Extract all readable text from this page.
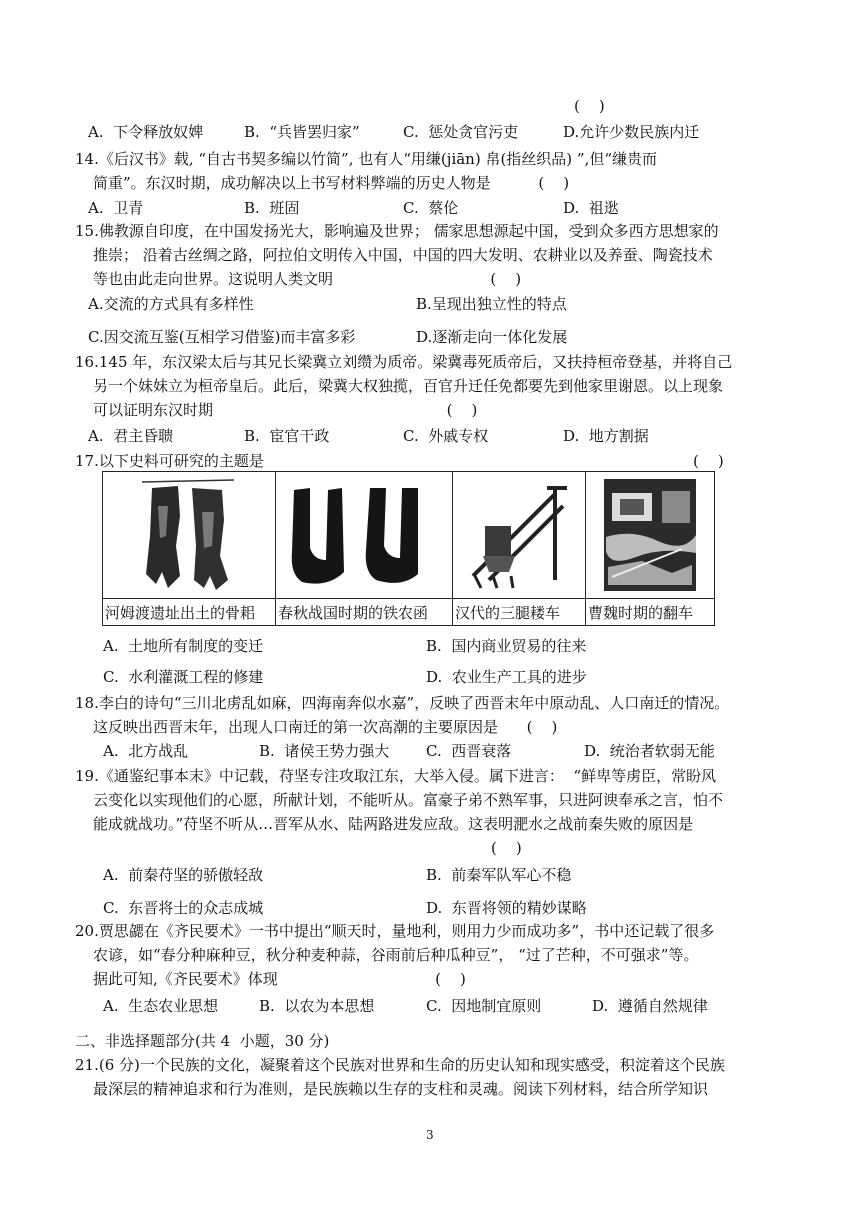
(    )
A.  下令释放奴婢	B.  “兵皆罢归家”	C.  惩处贪官污吏	D.允许少数民族内迁
14.《后汉书》载, “自古书契多编以竹简”, 也有人“用缣(jiān) 帛(指丝织品) ”,但“缣贵而
简重”。东汉时期，成功解决以上书写材料弊端的历史人物是          (    )
A.  卫青	B.  班固	C.  蔡伦	D.  祖逖
15.佛教源自印度，在中国发扬光大，影响遍及世界； 儒家思想源起中国，受到众多西方思想家的
推崇； 沿着古丝绸之路，阿拉伯文明传入中国，中国的四大发明、农耕业以及养蚕、陶瓷技术
等也由此走向世界。这说明人类文明                                 (    )
A.交流的方式具有多样性	B.呈现出独立性的特点
C.因交流互鉴(互相学习借鉴)而丰富多彩	D.逐渐走向一体化发展
16.145 年，东汉梁太后与其兄长梁冀立刘缵为质帝。梁冀毒死质帝后，又扶持桓帝登基，并将自己
另一个妹妹立为桓帝皇后。此后，梁冀大权独揽，百官升迁任免都要先到他家里谢恩。以上现象
可以证明东汉时期                                                 (    )
A.  君主昏聩	B.  宦官干政	C.  外戚专权	D.  地方割据
17.以下史料可研究的主题是	(    )

河姆渡遗址出土的骨耜	春秋战国时期的铁农函	汉代的三腿耧车	曹魏时期的翻车
A.  土地所有制度的变迁	B.  国内商业贸易的往来
C.  水利灌溉工程的修建	D.  农业生产工具的进步
18.李白的诗句“三川北虏乱如麻，四海南奔似水嘉”，反映了西晋末年中原动乱、人口南迁的情况。
这反映出西晋末年，出现人口南迁的第一次高潮的主要原因是      (    )
A.  北方战乱	B.  诸侯王势力强大 C.  西晋衰落	D.  统治者软弱无能
19.《通鉴纪事本末》中记载，苻坚专注攻取江东，大举入侵。属下进言：  “鲜卑等虏臣，常盼风
云变化以实现他们的心愿，所献计划，不能听从。富豪子弟不熟军事，只进阿谀奉承之言，怕不
能成就战功。”苻坚不听从…晋军从水、陆两路进发应敌。这表明淝水之战前秦失败的原因是
(    )
A.  前秦苻坚的骄傲轻敌	B.  前秦军队军心不稳
C.  东晋将士的众志成城	D.  东晋将领的精妙谋略
20.贾思勰在《齐民要术》一书中提出“顺天时，量地利，则用力少而成功多”，书中还记载了很多
农谚，如“春分种麻种豆，秋分种麦种蒜，谷雨前后种瓜种豆”， “过了芒种，不可强求”等。
据此可知,《齐民要术》体现                                 (    )
A.  生态农业思想	B.  以农为本思想	C.  因地制宜原则	D.  遵循自然规律
二、非选择题部分(共 4  小题，30 分)
21.(6 分)一个民族的文化，凝聚着这个民族对世界和生命的历史认知和现实感受，积淀着这个民族
最深层的精神追求和行为准则，是民族赖以生存的支柱和灵魂。阅读下列材料，结合所学知识
3
